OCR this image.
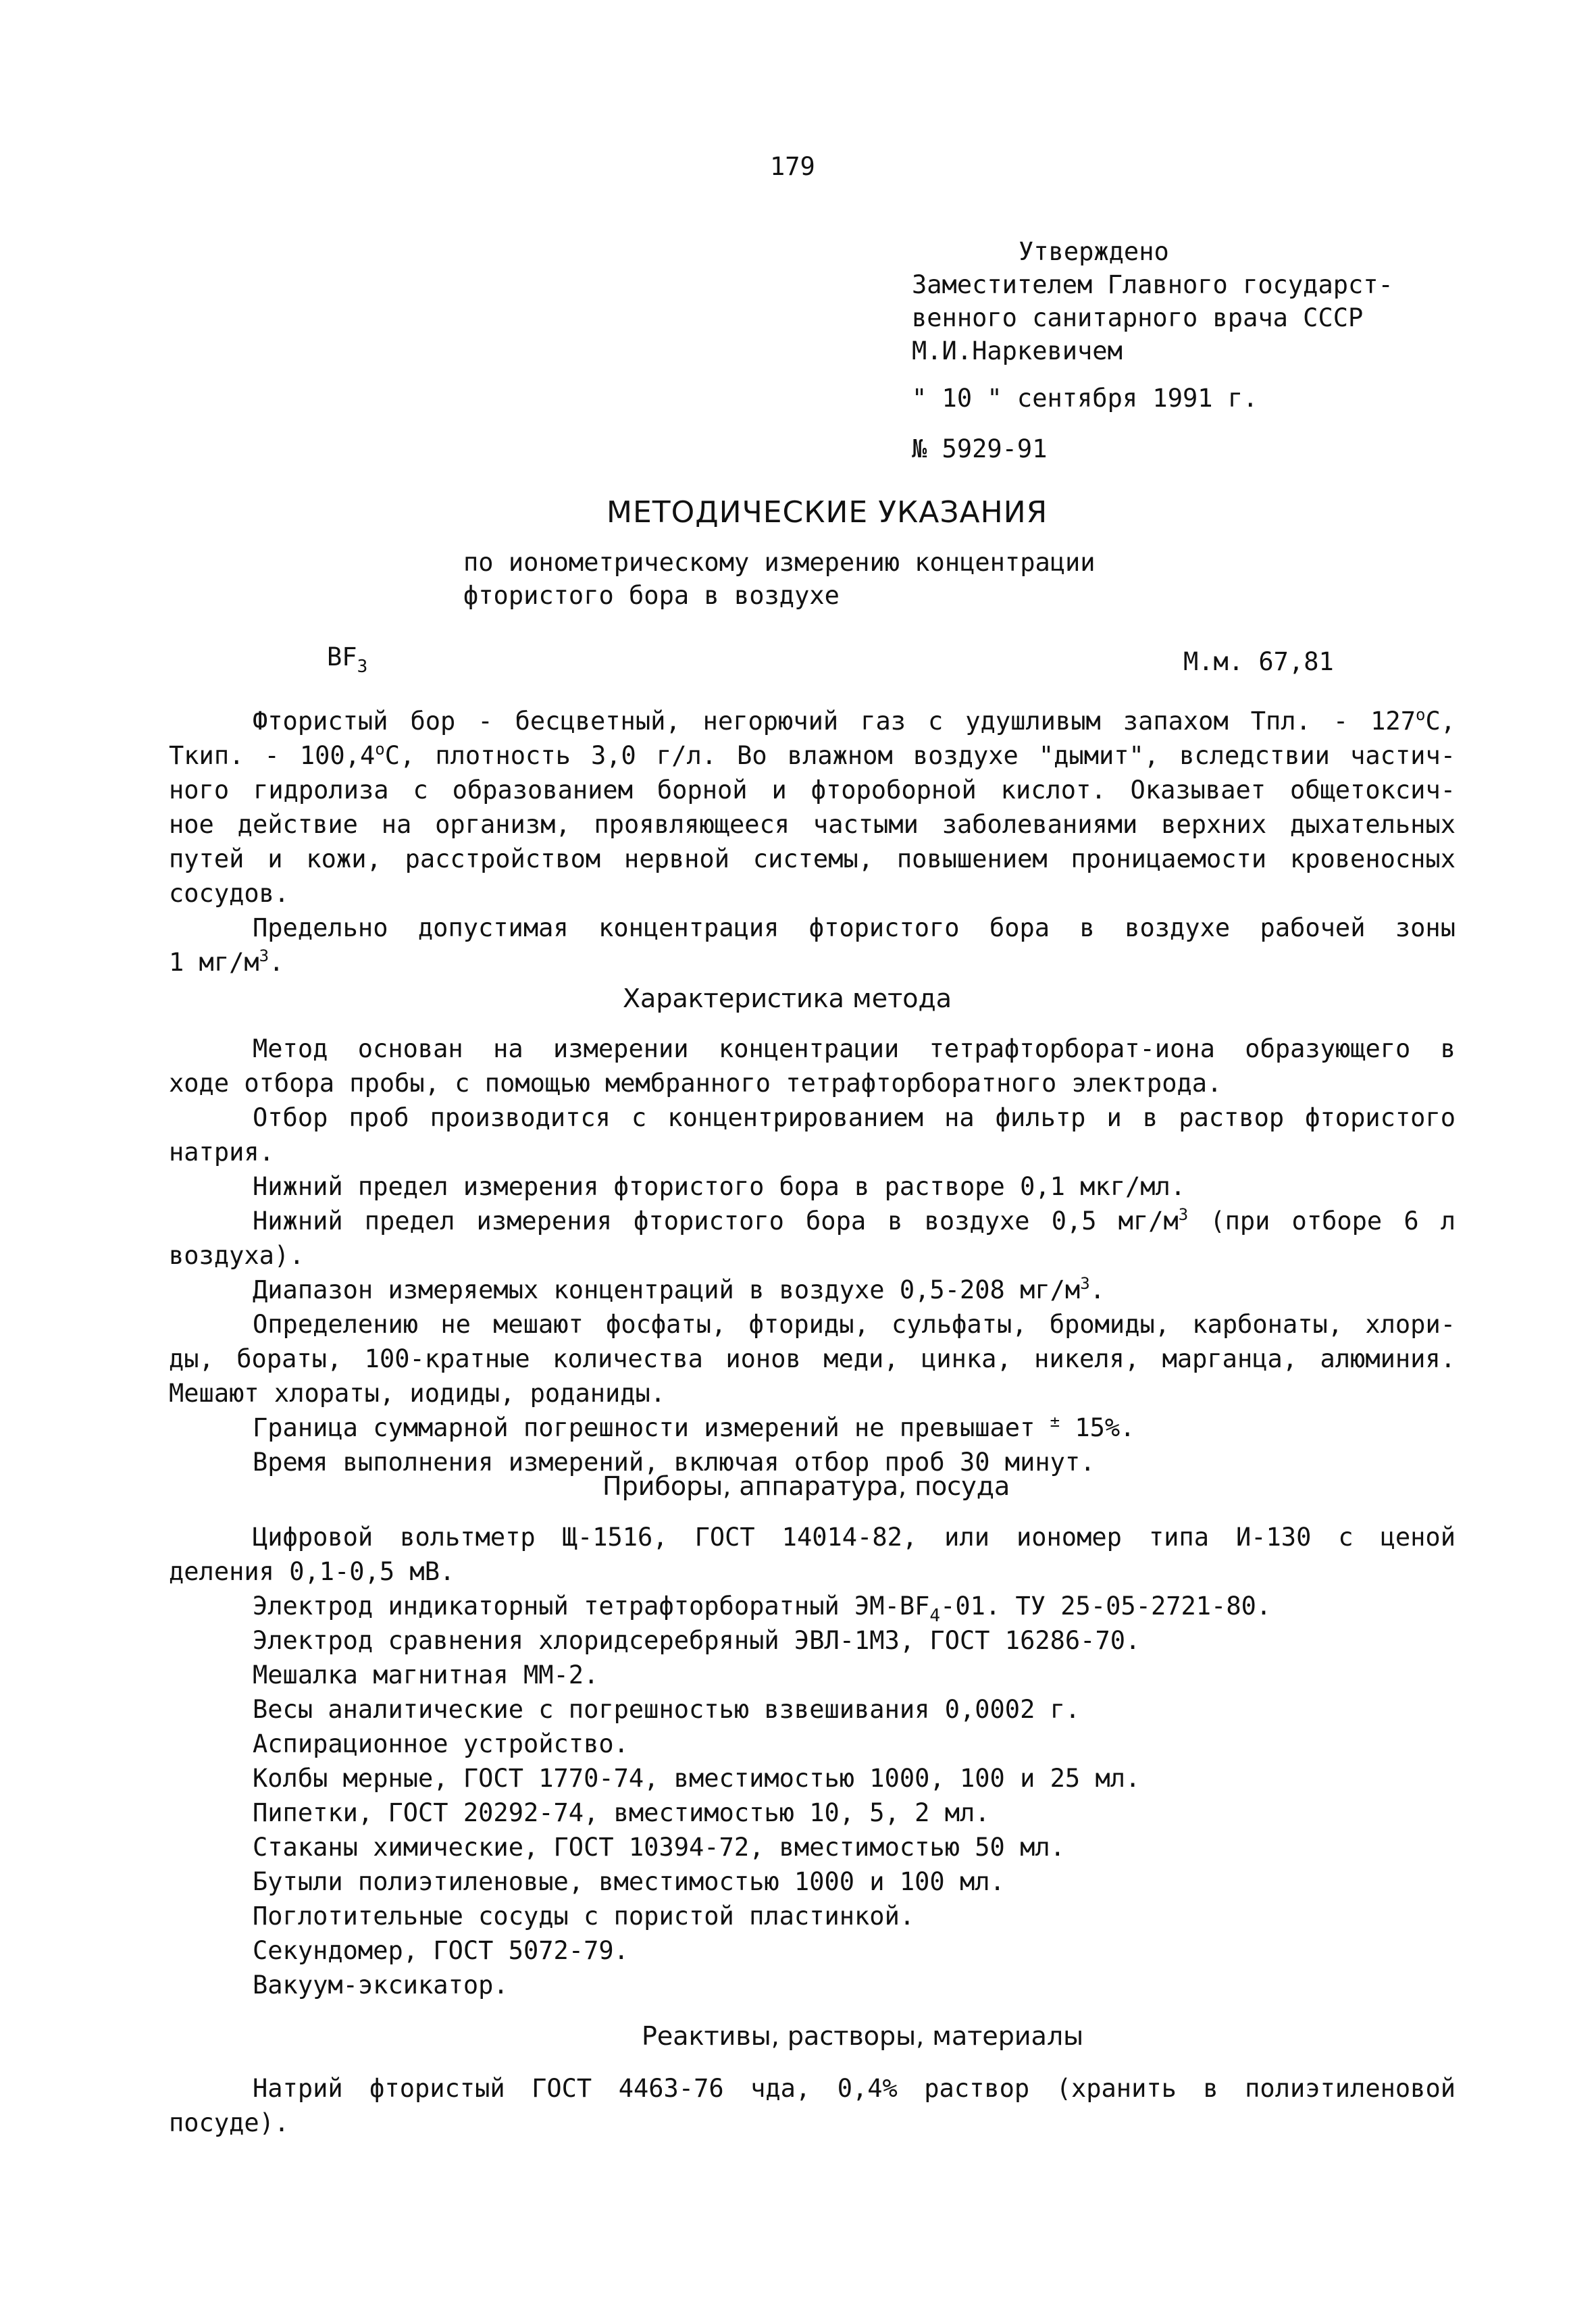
179
Утверждено
Заместителем Главного государст-
венного санитарного врача СССР
М.И.Наркевичем
" 10 " сентября 1991 г.
№ 5929-91
МЕТОДИЧЕСКИЕ УКАЗАНИЯ
по ионометрическому измерению концентрации
фтористого бора в воздухе
$BF_3$	М.м. 67,81
Фтористый бор - бесцветный, негорючий газ с удушливым запахом Тпл. - $127^оС$,
Ткип. - $100,4^оС$, плотность 3,0 г/л. Во влажном воздухе "дымит", вследствии частич-
ного гидролиза с образованием борной и фтороборной кислот. Оказывает общетоксич-
ное действие на организм, проявляющееся частыми заболеваниями верхних дыхательных
путей и кожи, расстройством нервной системы, повышением проницаемости кровеносных
сосудов.
Предельно допустимая концентрация фтористого бора в воздухе рабочей зоны
1 $мг/м^3$.
Характеристика метода
Метод основан на измерении концентрации тетрафторборат-иона образующего в
ходе отбора пробы, с помощью мембранного тетрафторборатного электрода.
Отбор проб производится с концентрированием на фильтр и в раствор фтористого
натрия.
Нижний предел измерения фтористого бора в растворе 0,1 мкг/мл.
Нижний предел измерения фтористого бора в воздухе 0,5 $мг/м^3$ (при отборе 6 л
воздуха).
Диапазон измеряемых концентраций в воздухе 0,5-208 $мг/м^3$.
Определению не мешают фосфаты, фториды, сульфаты, бромиды, карбонаты, хлори-
ды, бораты, 100-кратные количества ионов меди, цинка, никеля, марганца, алюминия.
Мешают хлораты, иодиды, роданиды.
Граница суммарной погрешности измерений не превышает ± 15%.
Время выполнения измерений, включая отбор проб 30 минут.
Приборы, аппаратура, посуда
Цифровой вольтметр Щ-1516, ГОСТ 14014-82, или иономер типа И-130 с ценой
деления 0,1-0,5 мВ.
Электрод индикаторный тетрафторборатный $ЭМ-BF_4-01$. ТУ 25-05-2721-80.
Электрод сравнения хлоридсеребряный ЭВЛ-1М3, ГОСТ 16286-70.
Мешалка магнитная ММ-2.
Весы аналитические с погрешностью взвешивания 0,0002 г.
Аспирационное устройство.
Колбы мерные, ГОСТ 1770-74, вместимостью 1000, 100 и 25 мл.
Пипетки, ГОСТ 20292-74, вместимостью 10, 5, 2 мл.
Стаканы химические, ГОСТ 10394-72, вместимостью 50 мл.
Бутыли полиэтиленовые, вместимостью 1000 и 100 мл.
Поглотительные сосуды с пористой пластинкой.
Секундомер, ГОСТ 5072-79.
Вакуум-эксикатор.
Реактивы, растворы, материалы
Натрий фтористый ГОСТ 4463-76 чда, 0,4% раствор (хранить в полиэтиленовой
посуде).
